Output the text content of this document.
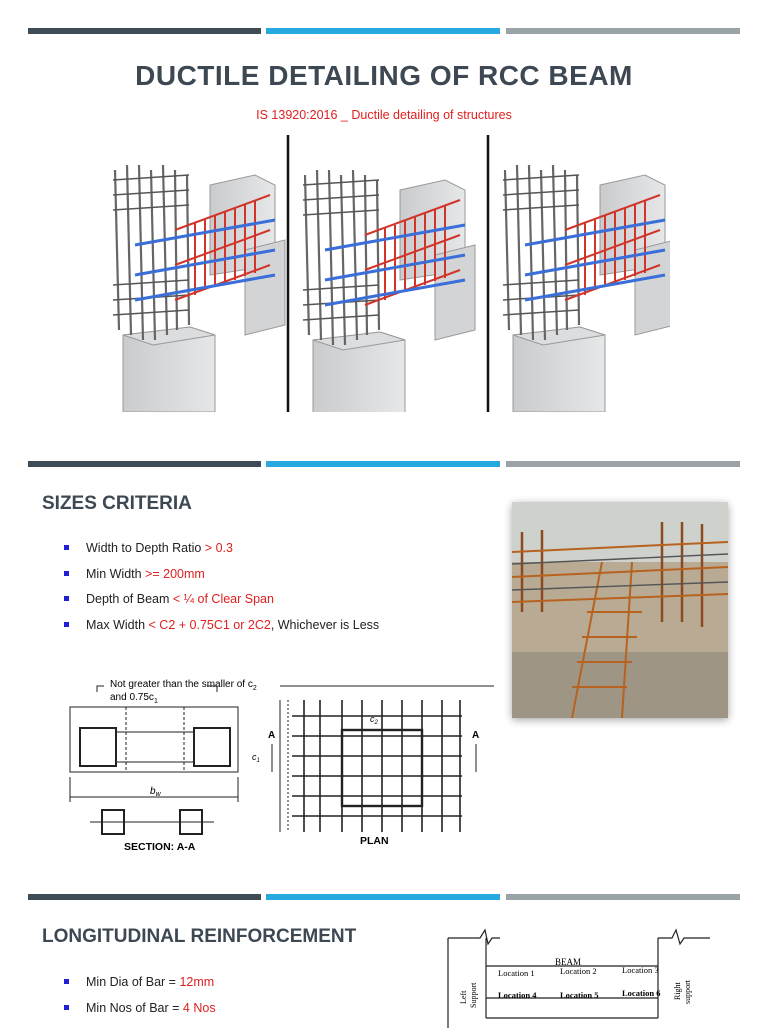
DUCTILE DETAILING OF RCC BEAM
IS 13920:2016 _ Ductile detailing of structures
SIZES CRITERIA
Width to Depth Ratio > 0.3
Min Width >= 200mm
Depth of Beam < ¼ of Clear Span
Max Width < C2 + 0.75C1 or 2C2, Whichever is Less
Not greater than the smaller of $c_2$
and $0.75c_1$
$b_w$
SECTION: A-A
$c_2$
$c_1$
A	A
PLAN
LONGITUDINAL REINFORCEMENT
Min Dia of Bar = 12mm
Min Nos of Bar = 4 Nos
BEAM
Location 1	Location 2	Location 3
Location 4	Location 5	Location 6
Left Support	Right support
